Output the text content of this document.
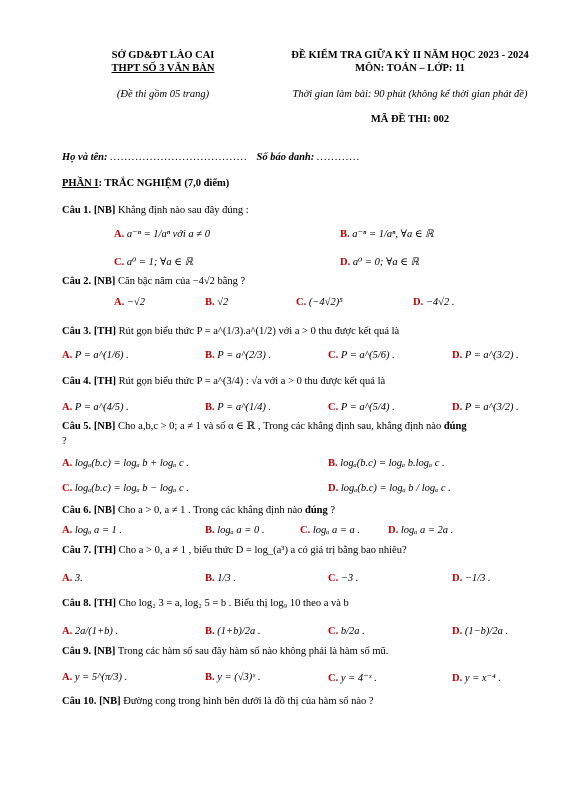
SỞ GD&ĐT LÀO CAI
THPT SỐ 3 VĂN BÀN
(Đề thi gồm 05 trang)
ĐỀ KIỂM TRA GIỮA KỲ II NĂM HỌC 2023 - 2024
MÔN: TOÁN – LỚP: 11
Thời gian làm bài: 90 phút (không kể thời gian phát đề)
MÃ ĐỀ THI: 002
Họ và tên: ...................................... Số báo danh: ............
PHẦN I: TRẮC NGHIỆM (7,0 điểm)
Câu 1. [NB] Khẳng định nào sau đây đúng :
A. a⁻ⁿ = 1/aⁿ với a ≠ 0	B. a⁻ⁿ = 1/aⁿ, ∀a ∈ ℝ
C. a⁰ = 1; ∀a ∈ ℝ	D. a⁰ = 0; ∀a ∈ ℝ
Câu 2. [NB] Căn bậc năm của −4√2 bằng ?
A. −√2	B. √2	C. (−4√2)⁵	D. −4√2 .
Câu 3. [TH] Rút gọn biểu thức P = a^(1/3).a^(1/2) với a > 0 thu được kết quả là
A. P = a^(1/6) .	B. P = a^(2/3) .	C. P = a^(5/6) .	D. P = a^(3/2) .
Câu 4. [TH] Rút gọn biểu thức P = a^(3/4) : √a với a > 0 thu được kết quả là
A. P = a^(4/5) .	B. P = a^(1/4) .	C. P = a^(5/4) .	D. P = a^(3/2) .
Câu 5. [NB] Cho a,b,c > 0; a ≠ 1 và số α ∈ ℝ , Trong các khẳng định sau, khẳng định nào đúng
?
A. logₐ(b.c) = logₐ b + logₐ c .	B. logₐ(b.c) = logₐ b.logₐ c .
C. logₐ(b.c) = logₐ b − logₐ c .	D. logₐ(b.c) = logₐ b / logₐ c .
Câu 6. [NB] Cho a > 0, a ≠ 1 . Trong các khẳng định nào đúng ?
A. logₐ a = 1 .	B. logₐ a = 0 .	C. logₐ a = a .	D. logₐ a = 2a .
Câu 7. [TH] Cho a > 0, a ≠ 1 , biểu thức D = log_(a³) a có giá trị bằng bao nhiêu?
A. 3.	B. 1/3 .	C. −3 .	D. −1/3 .
Câu 8. [TH] Cho log₂ 3 = a, log₂ 5 = b . Biểu thị log₉ 10 theo a và b
A. 2a/(1+b) .	B. (1+b)/2a .	C. b/2a .	D. (1−b)/2a .
Câu 9. [NB] Trong các hàm số sau đây hàm số nào không phải là hàm số mũ.
A. y = 5^(π/3) .	B. y = (√3)ˣ .	C. y = 4⁻ˣ .	D. y = x⁻⁴ .
Câu 10. [NB] Đường cong trong hình bên dưới là đồ thị của hàm số nào ?
